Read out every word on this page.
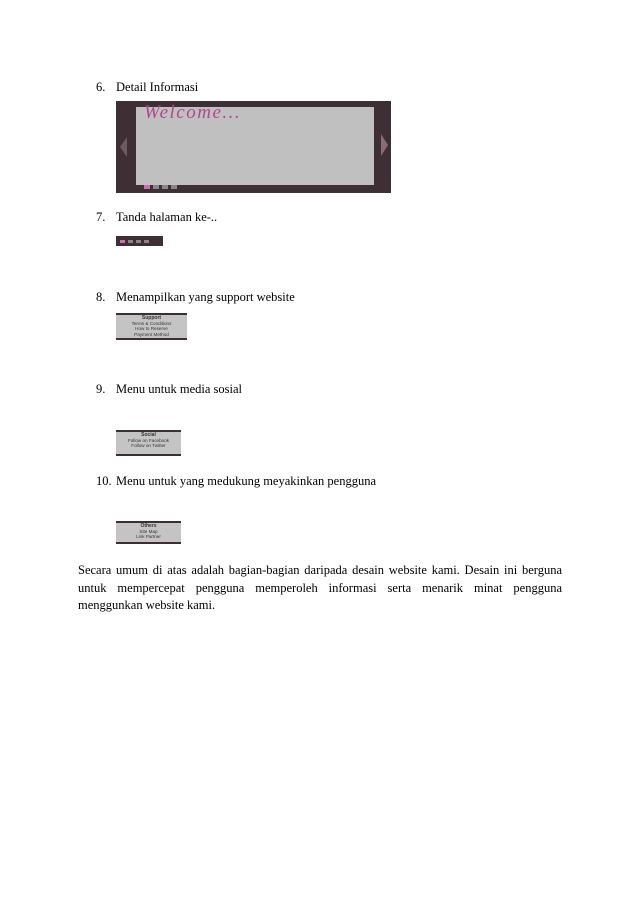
6. Detail Informasi
Welcome...
7. Tanda halaman ke-..
8. Menampilkan yang support website
Support
Terms & Conditions
How to Reserve
Payment Method
9. Menu untuk media sosial
Social
Follow on Facebook
Follow on Twitter
10. Menu untuk yang medukung meyakinkan pengguna
Others
Site Map
Link Partner
Secara umum di atas adalah bagian-bagian daripada desain website kami. Desain ini berguna untuk mempercepat pengguna memperoleh informasi serta menarik minat pengguna menggunkan website kami.
